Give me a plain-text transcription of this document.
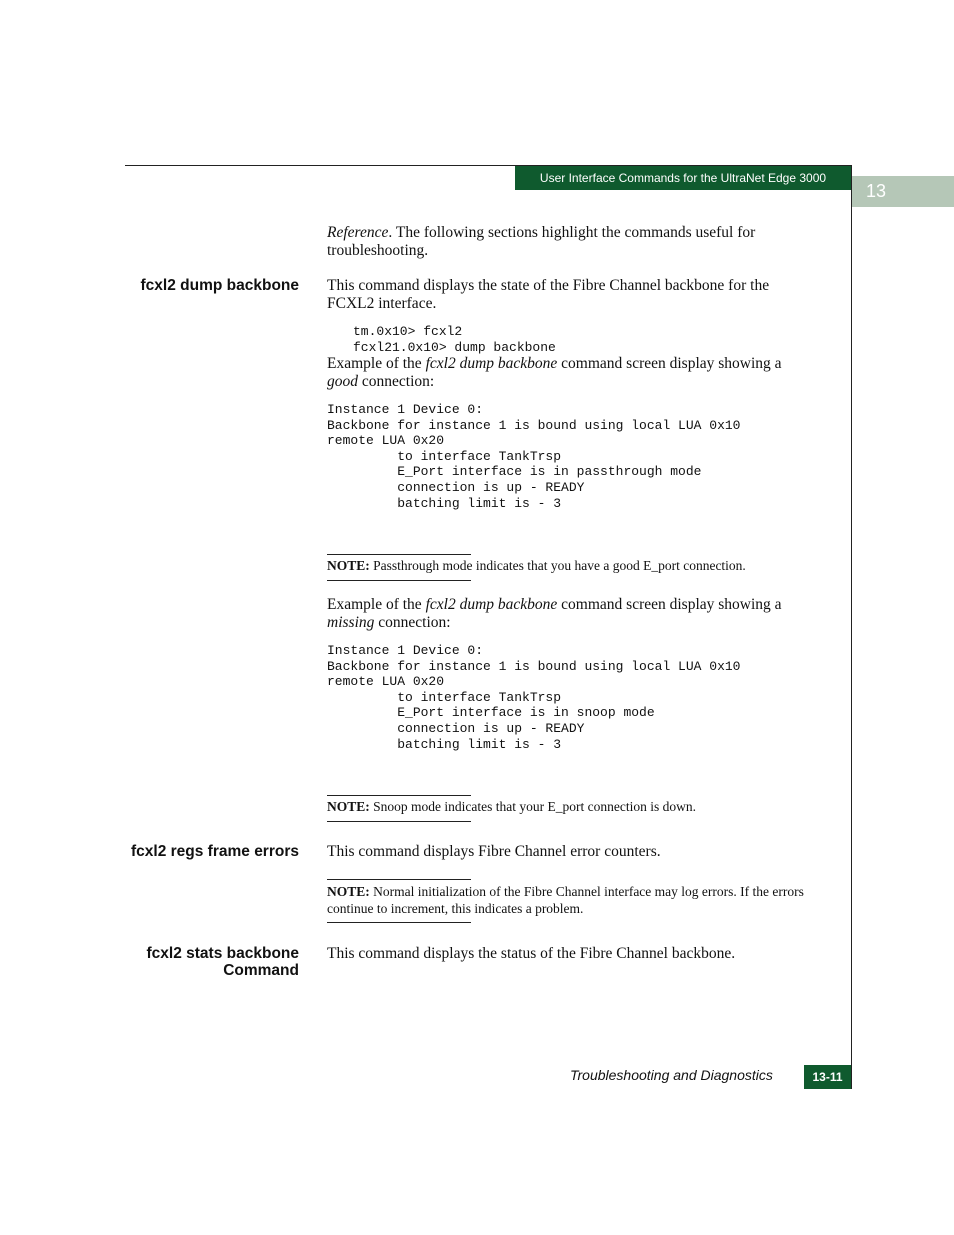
User Interface Commands for the UltraNet Edge 3000
13
Reference. The following sections highlight the commands useful for troubleshooting.
fcxl2 dump backbone This command displays the state of the Fibre Channel backbone for the FCXL2 interface.
tm.0x10> fcxl2
fcxl21.0x10> dump backbone
Example of the fcxl2 dump backbone command screen display showing a good connection:
Instance 1 Device 0:
Backbone for instance 1 is bound using local LUA 0x10
remote LUA 0x20
to interface TankTrsp
E_Port interface is in passthrough mode
connection is up - READY
batching limit is - 3
NOTE: Passthrough mode indicates that you have a good E_port connection.
Example of the fcxl2 dump backbone command screen display showing a missing connection:
Instance 1 Device 0:
Backbone for instance 1 is bound using local LUA 0x10
remote LUA 0x20
to interface TankTrsp
E_Port interface is in snoop mode
connection is up - READY
batching limit is - 3
NOTE: Snoop mode indicates that your E_port connection is down.
fcxl2 regs frame errors This command displays Fibre Channel error counters.
NOTE: Normal initialization of the Fibre Channel interface may log errors. If the errors continue to increment, this indicates a problem.
fcxl2 stats backbone
Command
This command displays the status of the Fibre Channel backbone.
Troubleshooting and Diagnostics	13-11
